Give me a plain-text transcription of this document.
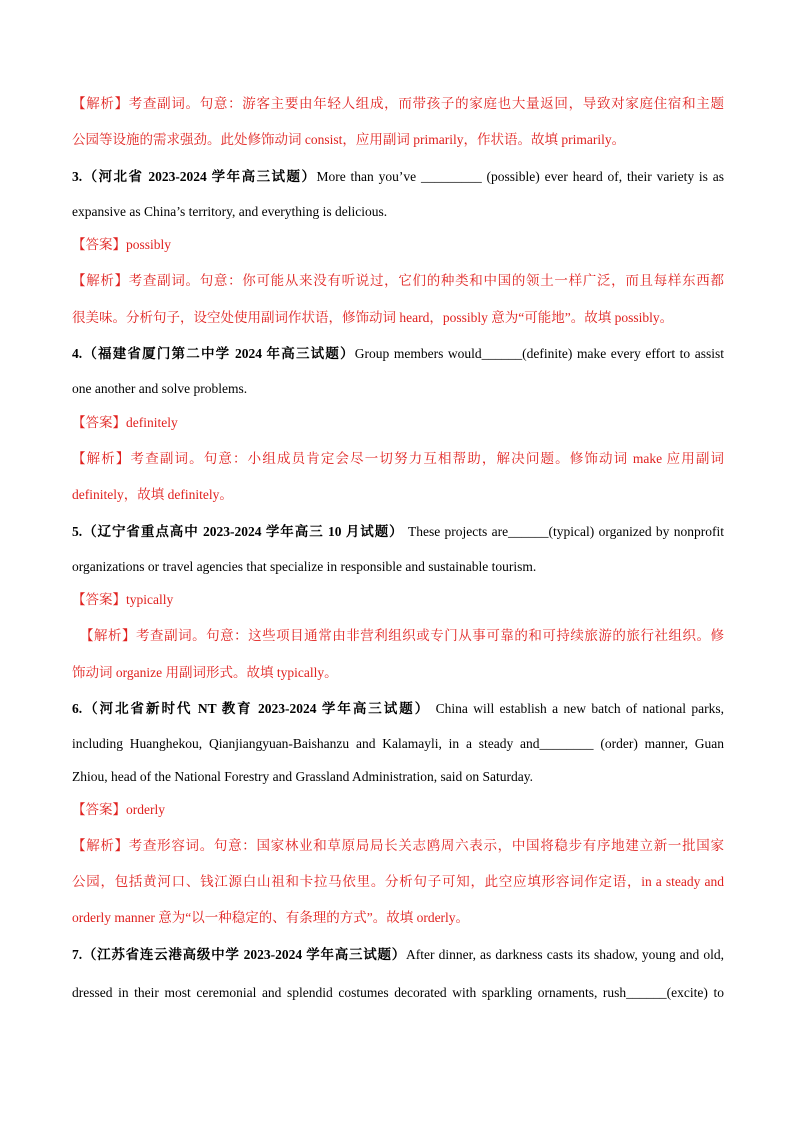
【解析】考查副词。句意：游客主要由年轻人组成，而带孩子的家庭也大量返回，导致对家庭住宿和主题
公园等设施的需求强劲。此处修饰动词 consist，应用副词 primarily，作状语。故填 primarily。
3.（河北省 2023-2024 学年高三试题）More than you’ve _________ (possible) ever heard of, their variety is as
expansive as China’s territory, and everything is delicious.
【答案】possibly
【解析】考查副词。句意：你可能从来没有听说过，它们的种类和中国的领土一样广泛，而且每样东西都
很美味。分析句子，设空处使用副词作状语，修饰动词 heard，possibly 意为“可能地”。故填 possibly。
4.（福建省厦门第二中学 2024 年高三试题）Group members would______(definite) make every effort to assist
one another and solve problems.
【答案】definitely
【解析】考查副词。句意：小组成员肯定会尽一切努力互相帮助，解决问题。修饰动词 make 应用副词
definitely，故填 definitely。
5.（辽宁省重点高中 2023-2024 学年高三 10 月试题） These projects are______(typical) organized by nonprofit
organizations or travel agencies that specialize in responsible and sustainable tourism.
【答案】typically
【解析】考查副词。句意：这些项目通常由非营利组织或专门从事可靠的和可持续旅游的旅行社组织。修
饰动词 organize 用副词形式。故填 typically。
6.（河北省新时代 NT 教育 2023-2024 学年高三试题） China will establish a new batch of national parks,
including Huanghekou, Qianjiangyuan-Baishanzu and Kalamayli, in a steady and________ (order) manner, Guan
Zhiou, head of the National Forestry and Grassland Administration, said on Saturday.
【答案】orderly
【解析】考查形容词。句意：国家林业和草原局局长关志鸥周六表示，中国将稳步有序地建立新一批国家
公园，包括黄河口、钱江源白山祖和卡拉马依里。分析句子可知，此空应填形容词作定语，in a steady and
orderly manner 意为“以一种稳定的、有条理的方式”。故填 orderly。
7.（江苏省连云港高级中学 2023-2024 学年高三试题）After dinner, as darkness casts its shadow, young and old,
dressed in their most ceremonial and splendid costumes decorated with sparkling ornaments, rush______(excite) to
